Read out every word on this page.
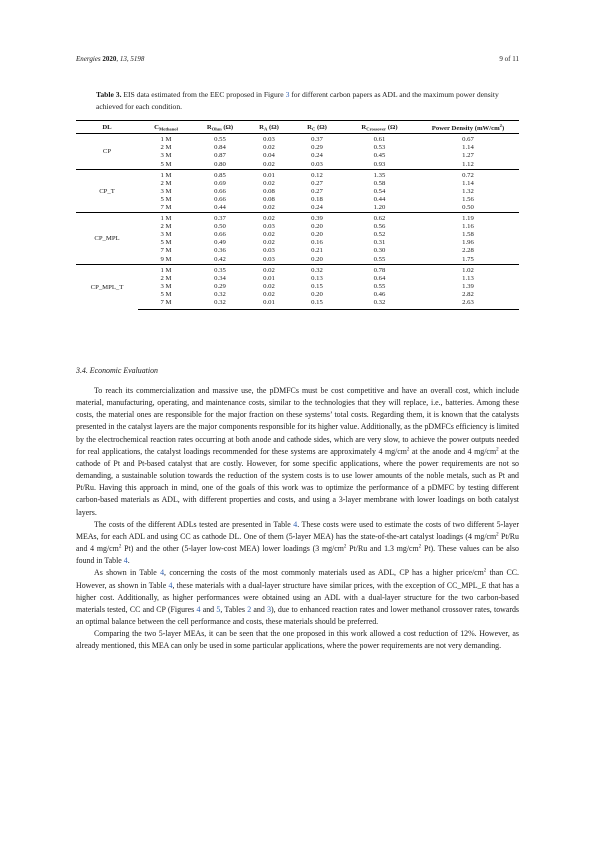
Energies 2020, 13, 5198	9 of 11
Table 3. EIS data estimated from the EEC proposed in Figure 3 for different carbon papers as ADL and the maximum power density achieved for each condition.
DL	$C_{Methanol}$	$R_{Ohm}$ (Ω)	$R_A$ (Ω)	$R_C$ (Ω)	$R_{Crossover}$ (Ω)	Power Density $(mW/cm^2)$
CP	1 M	0.55	0.03	0.37	0.61	0.67
	2 M	0.84	0.02	0.29	0.53	1.14
	3 M	0.87	0.04	0.24	0.45	1.27
	5 M	0.80	0.02	0.03	0.93	1.12
CP_T	1 M	0.85	0.01	0.12	1.35	0.72
	2 M	0.69	0.02	0.27	0.58	1.14
	3 M	0.66	0.08	0.27	0.54	1.32
	5 M	0.66	0.08	0.18	0.44	1.56
	7 M	0.44	0.02	0.24	1.20	0.50
CP_MPL	1 M	0.37	0.02	0.39	0.62	1.19
	2 M	0.50	0.03	0.20	0.56	1.16
	3 M	0.66	0.02	0.20	0.52	1.58
	5 M	0.49	0.02	0.16	0.31	1.96
	7 M	0.36	0.03	0.21	0.30	2.28
	9 M	0.42	0.03	0.20	0.55	1.75
CP_MPL_T	1 M	0.35	0.02	0.32	0.78	1.02
	2 M	0.34	0.01	0.13	0.64	1.13
	3 M	0.29	0.02	0.15	0.55	1.39
	5 M	0.32	0.02	0.20	0.46	2.82
	7 M	0.32	0.01	0.15	0.32	2.63
3.4. Economic Evaluation

To reach its commercialization and massive use, the pDMFCs must be cost competitive and have an overall cost, which include material, manufacturing, operating, and maintenance costs, similar to the technologies that they will replace, i.e., batteries. Among these costs, the material ones are responsible for the major fraction on these systems’ total costs. Regarding them, it is known that the catalysts presented in the catalyst layers are the major components responsible for its higher value. Additionally, as the pDMFCs efficiency is limited by the electrochemical reaction rates occurring at both anode and cathode sides, which are very slow, to achieve the power outputs needed for real applications, the catalyst loadings recommended for these systems are approximately 4 $mg/cm^2$ at the anode and 4 $mg/cm^2$ at the cathode of Pt and Pt-based catalyst that are costly. However, for some specific applications, where the power requirements are not so demanding, a sustainable solution towards the reduction of the system costs is to use lower amounts of the noble metals, such as Pt and Pt/Ru. Having this approach in mind, one of the goals of this work was to optimize the performance of a pDMFC by testing different carbon-based materials as ADL, with different properties and costs, and using a 3-layer membrane with lower loadings on both catalyst layers.

The costs of the different ADLs tested are presented in Table 4. These costs were used to estimate the costs of two different 5-layer MEAs, for each ADL and using CC as cathode DL. One of them (5-layer MEA) has the state-of-the-art catalyst loadings (4 $mg/cm^2$ Pt/Ru and 4 $mg/cm^2$ Pt) and the other (5-layer low-cost MEA) lower loadings (3 $mg/cm^2$ Pt/Ru and 1.3 $mg/cm^2$ Pt). These values can be also found in Table 4.

As shown in Table 4, concerning the costs of the most commonly materials used as ADL, CP has a higher price/$cm^2$ than CC. However, as shown in Table 4, these materials with a dual-layer structure have similar prices, with the exception of CC_MPL_E that has a higher cost. Additionally, as higher performances were obtained using an ADL with a dual-layer structure for the two carbon-based materials tested, CC and CP (Figures 4 and 5, Tables 2 and 3), due to enhanced reaction rates and lower methanol crossover rates, towards an optimal balance between the cell performance and costs, these materials should be preferred.

Comparing the two 5-layer MEAs, it can be seen that the one proposed in this work allowed a cost reduction of 12%. However, as already mentioned, this MEA can only be used in some particular applications, where the power requirements are not very demanding.
